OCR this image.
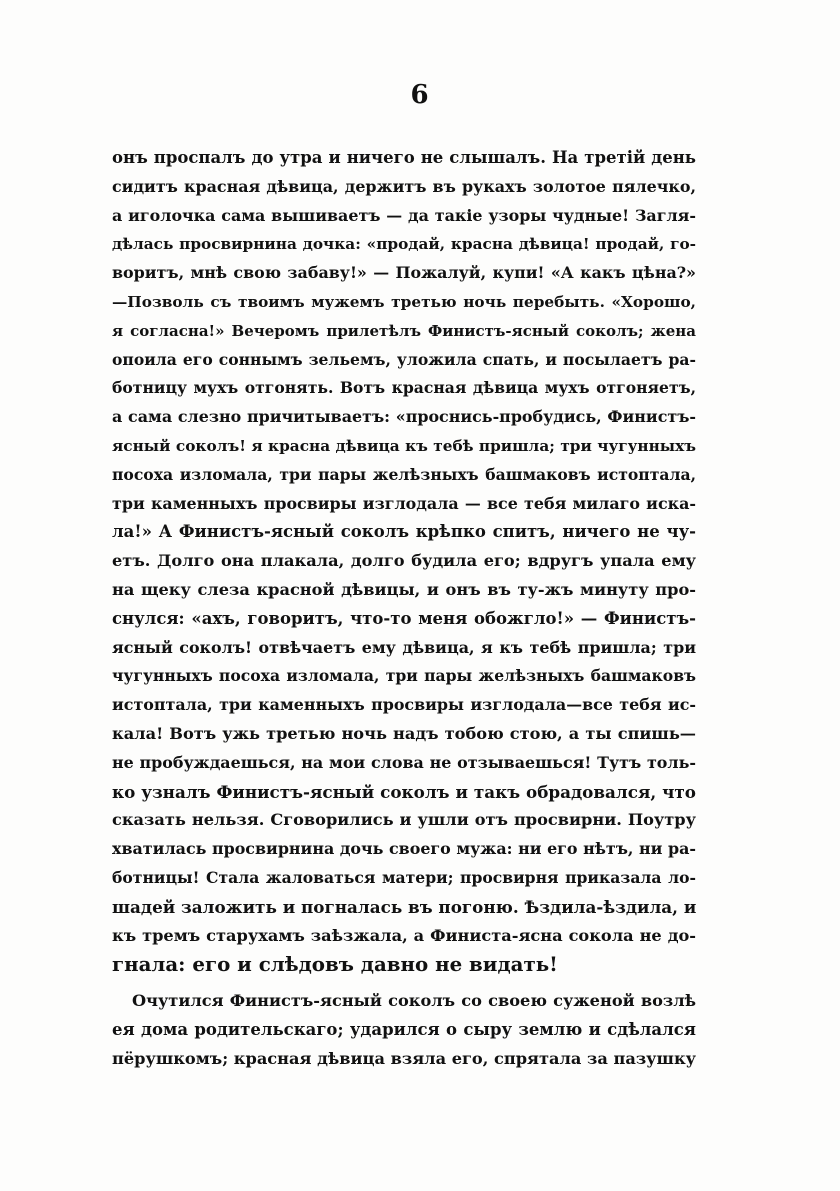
6
онъ проспалъ до утра и ничего не слышалъ. На третій день
сидитъ красная дѣвица, держитъ въ рукахъ золотое пялечко,
а иголочка сама вышиваетъ — да такіе узоры чудные! Загля-
дѣлась просвирнина дочка: «продай, красна дѣвица! продай, го-
воритъ, мнѣ свою забаву!» — Пожалуй, купи! «А какъ цѣна?»
—Позволь съ твоимъ мужемъ третью ночь перебыть. «Хорошо,
я согласна!» Вечеромъ прилетѣлъ Финистъ-ясный соколъ; жена
опоила его соннымъ зельемъ, уложила спать, и посылаетъ ра-
ботницу мухъ отгонять. Вотъ красная дѣвица мухъ отгоняетъ,
а сама слезно причитываетъ: «проснись-пробудись, Финистъ-
ясный соколъ! я красна дѣвица къ тебѣ пришла; три чугунныхъ
посоха изломала, три пары желѣзныхъ башмаковъ истоптала,
три каменныхъ просвиры изглодала — все тебя милаго иска-
ла!» А Финистъ-ясный соколъ крѣпко спитъ, ничего не чу-
етъ. Долго она плакала, долго будила его; вдругъ упала ему
на щеку слеза красной дѣвицы, и онъ въ ту-жъ минуту про-
снулся: «ахъ, говоритъ, что-то меня обожгло!» — Финистъ-
ясный соколъ! отвѣчаетъ ему дѣвица, я къ тебѣ пришла; три
чугунныхъ посоха изломала, три пары желѣзныхъ башмаковъ
истоптала, три каменныхъ просвиры изглодала—все тебя ис-
кала! Вотъ ужь третью ночь надъ тобою стою, а ты спишь—
не пробуждаешься, на мои слова не отзываешься! Тутъ толь-
ко узналъ Финистъ-ясный соколъ и такъ обрадовался, что
сказать нельзя. Сговорились и ушли отъ просвирни. Поутру
хватилась просвирнина дочь своего мужа: ни его нѣтъ, ни ра-
ботницы! Стала жаловаться матери; просвирня приказала ло-
шадей заложить и погналась въ погоню. Ѣздила-ѣздила, и
къ тремъ старухамъ заѣзжала, а Финиста-ясна сокола не до-
гнала: его и слѣдовъ давно не видать!
Очутился Финистъ-ясный соколъ со своею суженой возлѣ
ея дома родительскаго; ударился о сыру землю и сдѣлался
пёрушкомъ; красная дѣвица взяла его, спрятала за пазушку
